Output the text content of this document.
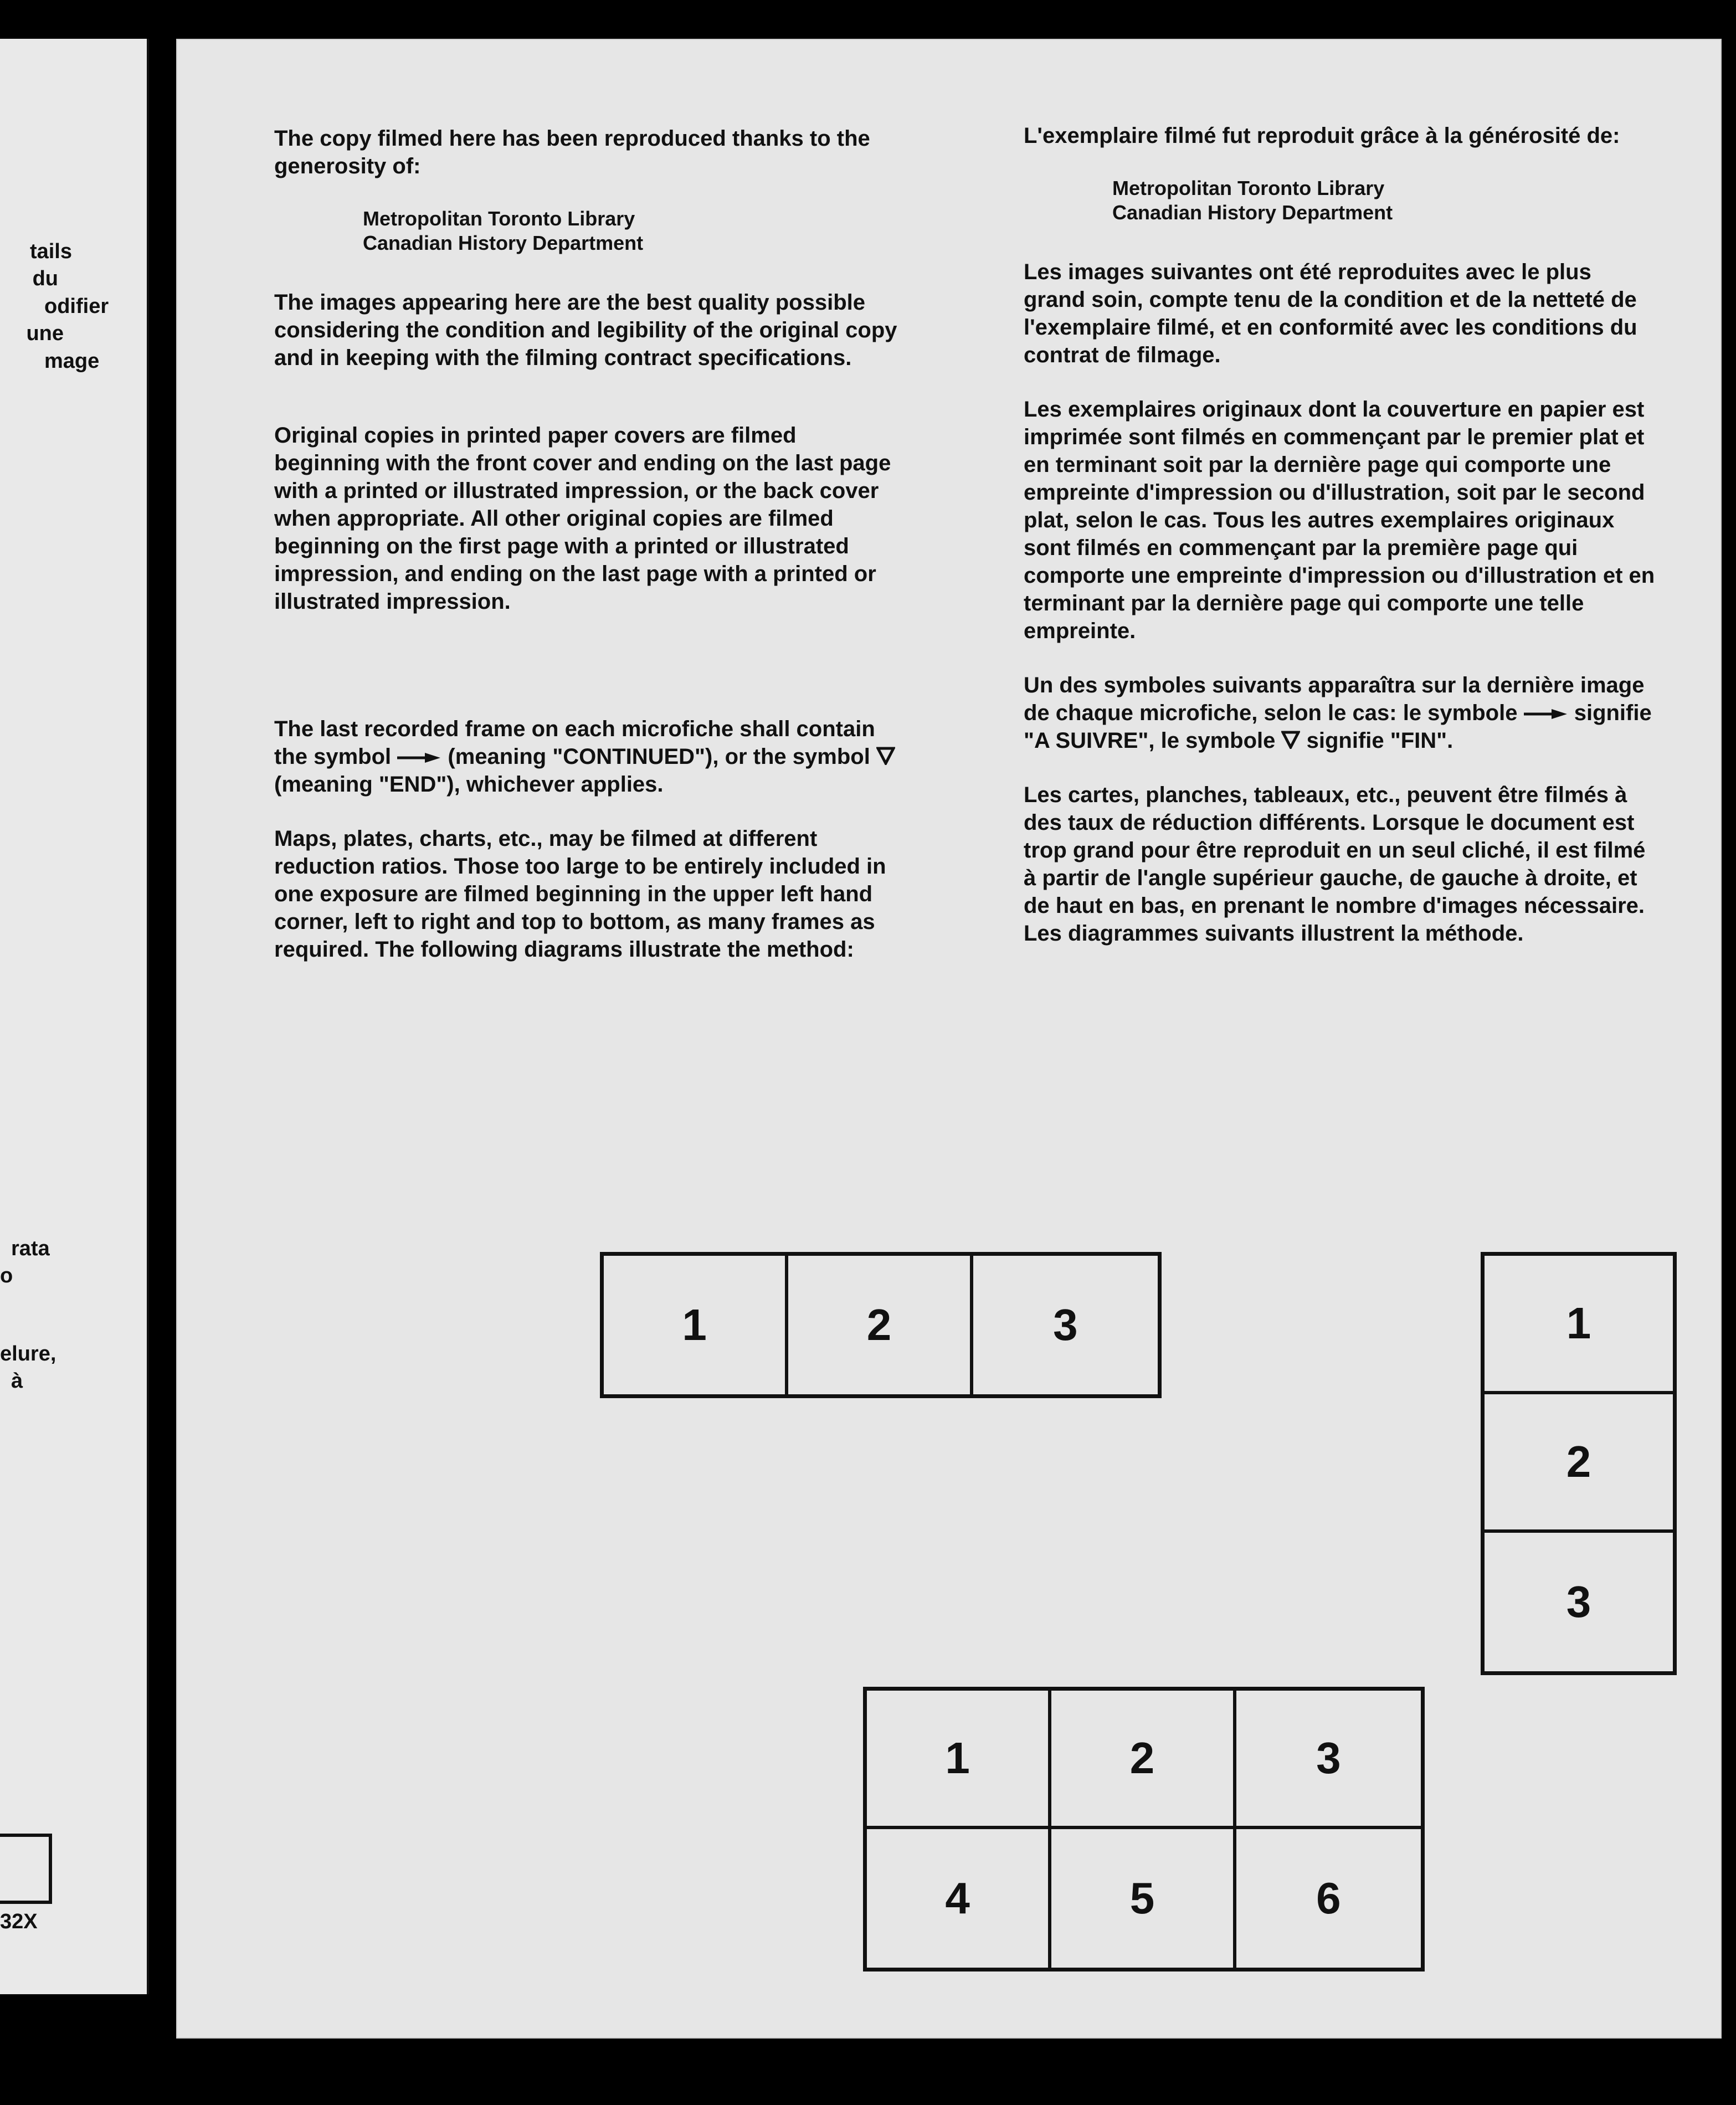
tails
du
odifier
une
mage
rata
o
elure,
à
32X

The copy filmed here has been reproduced thanks to the generosity of:

Metropolitan Toronto Library
Canadian History Department

The images appearing here are the best quality possible considering the condition and legibility of the original copy and in keeping with the filming contract specifications.

Original copies in printed paper covers are filmed beginning with the front cover and ending on the last page with a printed or illustrated impression, or the back cover when appropriate. All other original copies are filmed beginning on the first page with a printed or illustrated impression, and ending on the last page with a printed or illustrated impression.

The last recorded frame on each microfiche shall contain the symbol	(meaning "CONTINUED"), or the symbol  (meaning "END"), whichever applies.

Maps, plates, charts, etc., may be filmed at different reduction ratios. Those too large to be entirely included in one exposure are filmed beginning in the upper left hand corner, left to right and top to bottom, as many frames as required. The following diagrams illustrate the method:

L'exemplaire filmé fut reproduit grâce à la générosité de:

Metropolitan Toronto Library
Canadian History Department

Les images suivantes ont été reproduites avec le plus grand soin, compte tenu de la condition et de la netteté de l'exemplaire filmé, et en conformité avec les conditions du contrat de filmage.

Les exemplaires originaux dont la couverture en papier est imprimée sont filmés en commençant par le premier plat et en terminant soit par la dernière page qui comporte une empreinte d'impression ou d'illustration, soit par le second plat, selon le cas. Tous les autres exemplaires originaux sont filmés en commençant par la première page qui comporte une empreinte d'impression ou d'illustration et en terminant par la dernière page qui comporte une telle empreinte.

Un des symboles suivants apparaîtra sur la dernière image de chaque microfiche, selon le cas: le symbole	signifie "A SUIVRE", le symbole signifie "FIN".

Les cartes, planches, tableaux, etc., peuvent être filmés à des taux de réduction différents. Lorsque le document est trop grand pour être reproduit en un seul cliché, il est filmé à partir de l'angle supérieur gauche, de gauche à droite, et de haut en bas, en prenant le nombre d'images nécessaire. Les diagrammes suivants illustrent la méthode.

1	2	3	1
2
3
1	2	3
4	5	6
